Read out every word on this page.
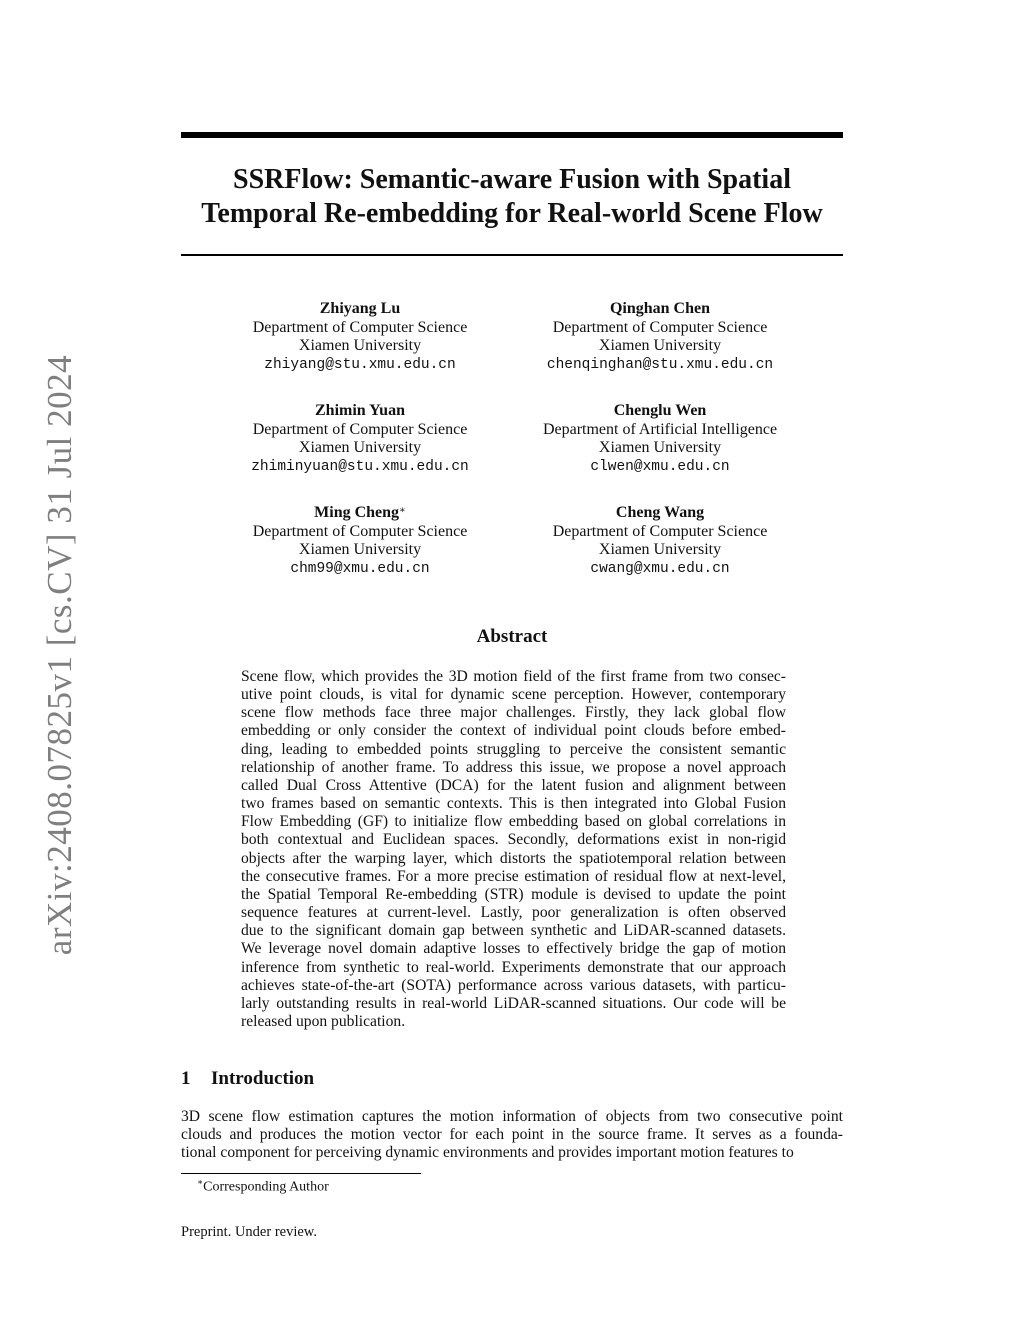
arXiv:2408.07825v1 [cs.CV] 31 Jul 2024
SSRFlow: Semantic-aware Fusion with Spatial
Temporal Re-embedding for Real-world Scene Flow
Zhiyang Lu
Department of Computer Science
Xiamen University
zhiyang@stu.xmu.edu.cn
Qinghan Chen
Department of Computer Science
Xiamen University
chenqinghan@stu.xmu.edu.cn
Zhimin Yuan
Department of Computer Science
Xiamen University
zhiminyuan@stu.xmu.edu.cn
Chenglu Wen
Department of Artificial Intelligence
Xiamen University
clwen@xmu.edu.cn
Ming Cheng∗
Department of Computer Science
Xiamen University
chm99@xmu.edu.cn
Cheng Wang
Department of Computer Science
Xiamen University
cwang@xmu.edu.cn
Abstract
Scene flow, which provides the 3D motion field of the first frame from two consec-
utive point clouds, is vital for dynamic scene perception. However, contemporary
scene flow methods face three major challenges. Firstly, they lack global flow
embedding or only consider the context of individual point clouds before embed-
ding, leading to embedded points struggling to perceive the consistent semantic
relationship of another frame. To address this issue, we propose a novel approach
called Dual Cross Attentive (DCA) for the latent fusion and alignment between
two frames based on semantic contexts. This is then integrated into Global Fusion
Flow Embedding (GF) to initialize flow embedding based on global correlations in
both contextual and Euclidean spaces. Secondly, deformations exist in non-rigid
objects after the warping layer, which distorts the spatiotemporal relation between
the consecutive frames. For a more precise estimation of residual flow at next-level,
the Spatial Temporal Re-embedding (STR) module is devised to update the point
sequence features at current-level. Lastly, poor generalization is often observed
due to the significant domain gap between synthetic and LiDAR-scanned datasets.
We leverage novel domain adaptive losses to effectively bridge the gap of motion
inference from synthetic to real-world. Experiments demonstrate that our approach
achieves state-of-the-art (SOTA) performance across various datasets, with particu-
larly outstanding results in real-world LiDAR-scanned situations. Our code will be
released upon publication.
1 Introduction
3D scene flow estimation captures the motion information of objects from two consecutive point
clouds and produces the motion vector for each point in the source frame. It serves as a founda-
tional component for perceiving dynamic environments and provides important motion features to
∗Corresponding Author
Preprint. Under review.
